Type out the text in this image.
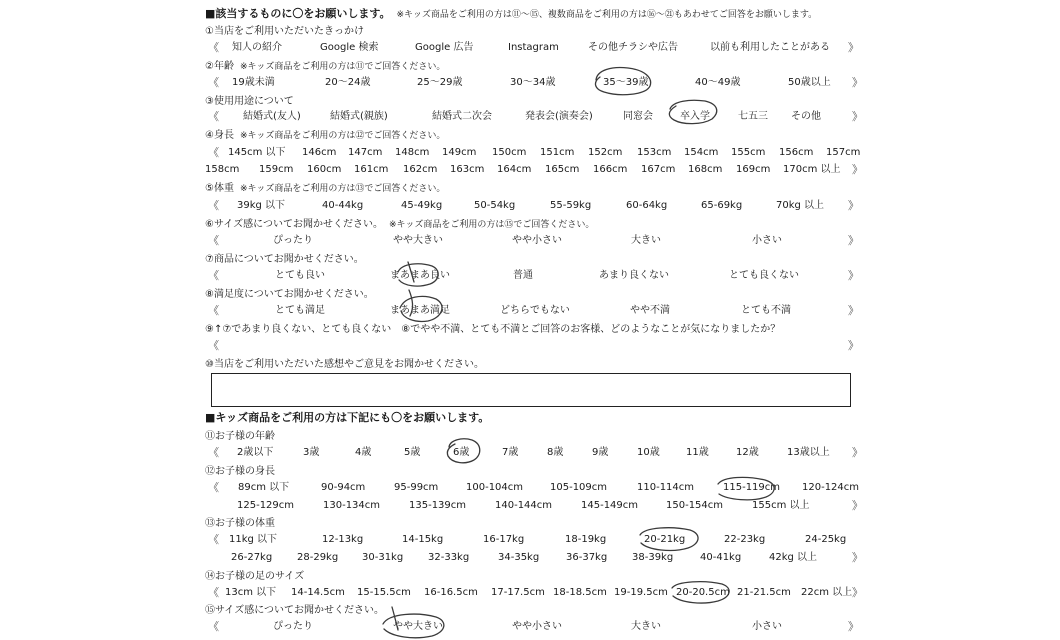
■該当するものに〇をお願いします。 ※キッズ商品をご利用の方は⑪〜⑮、複数商品をご利用の方は⑯〜㉑もあわせてご回答をお願いします。
①当店をご利用いただいたきっかけ
《 知人の紹介	Google 検索	Google 広告	Instagram	その他チラシや広告	以前も利用したことがある 》
②年齢 ※キッズ商品をご利用の方は⑪でご回答ください。
《 19歳未満	20〜24歳	25〜29歳	30〜34歳	35〜39歳	40〜49歳	50歳以上 》
③使用用途について
《 結婚式(友人)	結婚式(親族)	結婚式二次会	発表会(演奏会)	同窓会	卒入学	七五三 その他	》
④身長 ※キッズ商品をご利用の方は⑫でご回答ください。
《 145cm 以下 146cm 147cm 148cm 149cm 150cm 151cm 152cm 153cm 154cm 155cm 156cm 157cm
158cm 159cm 160cm 161cm 162cm 163cm 164cm 165cm 166cm 167cm 168cm 169cm 170cm 以上 》
⑤体重 ※キッズ商品をご利用の方は⑬でご回答ください。
《 39kg 以下	40-44kg	45-49kg	50-54kg	55-59kg	60-64kg	65-69kg	70kg 以上 》
⑥サイズ感についてお聞かせください。 ※キッズ商品をご利用の方は⑮でご回答ください。
《	ぴったり	やや大きい	やや小さい	大きい	小さい	》
⑦商品についてお聞かせください。
《	とても良い	まあまあ良い	普通	あまり良くない	とても良くない	》
⑧満足度についてお聞かせください。
《	とても満足	まあまあ満足	どちらでもない	やや不満	とても不満	》
⑨↑⑦であまり良くない、とても良くない　⑧でやや不満、とても不満とご回答のお客様、どのようなことが気になりましたか？
《	》
⑩当店をご利用いただいた感想やご意見をお聞かせください。
■キッズ商品をご利用の方は下記にも〇をお願いします。
⑪お子様の年齢
《 2歳以下	3歳	4歳	5歳	6歳	7歳	8歳	9歳	10歳	11歳	12歳	13歳以上 》
⑫お子様の身長
《 89cm 以下	90-94cm	95-99cm	100-104cm	105-109cm	110-114cm	115-119cm 120-124cm
125-129cm	130-134cm	135-139cm	140-144cm	145-149cm	150-154cm	155cm 以上	》
⑬お子様の体重
《 11kg 以下	12-13kg	14-15kg	16-17kg	18-19kg	20-21kg	22-23kg	24-25kg
26-27kg 28-29kg 30-31kg 32-33kg	34-35kg	36-37kg 38-39kg	40-41kg	42kg 以上	》
⑭お子様の足のサイズ
《 13cm 以下 14-14.5cm 15-15.5cm 16-16.5cm 17-17.5cm 18-18.5cm 19-19.5cm 20-20.5cm 21-21.5cm 22cm 以上 》
⑮サイズ感についてお聞かせください。
《	ぴったり	やや大きい	やや小さい	大きい	小さい	》
